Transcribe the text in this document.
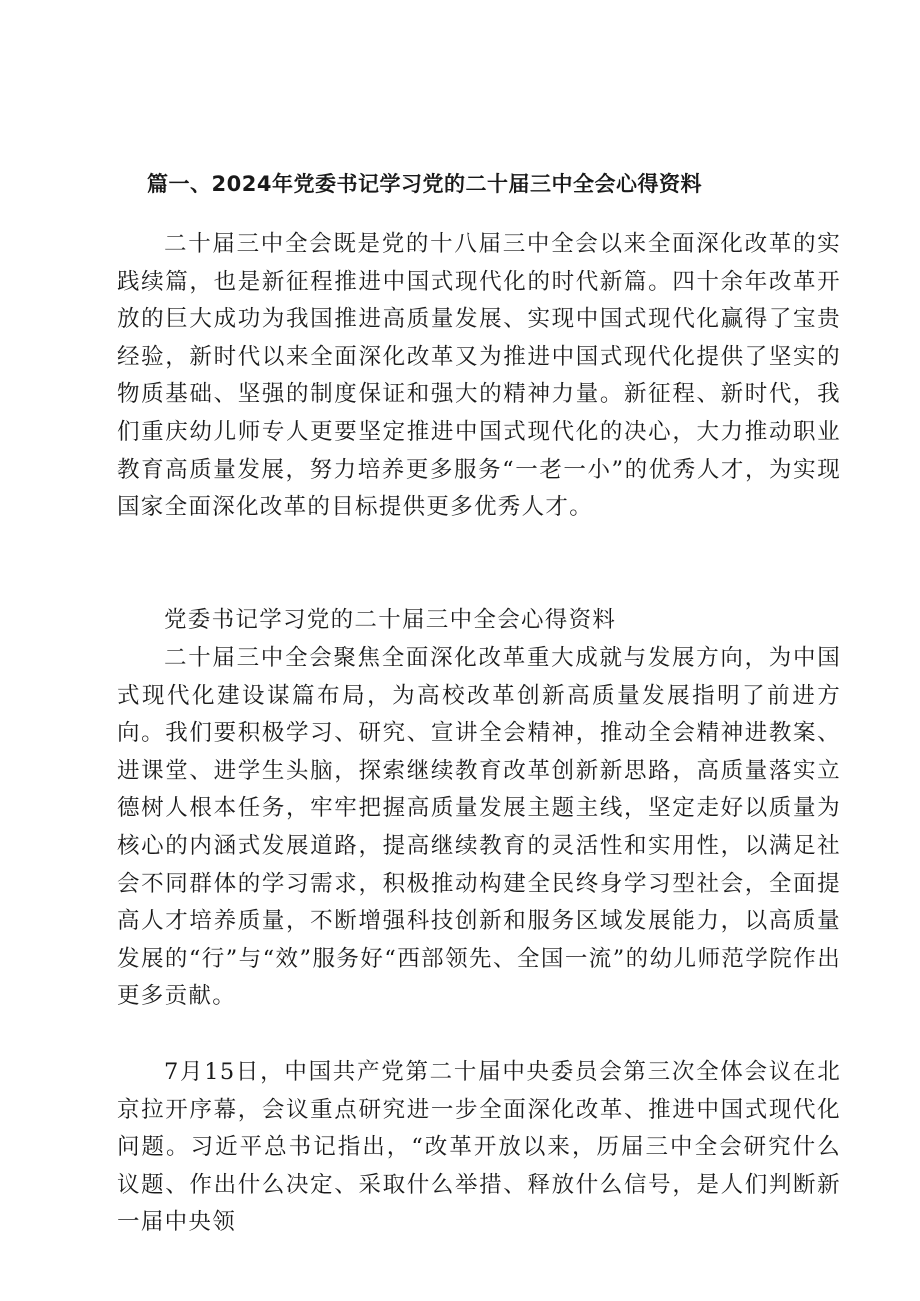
篇一、2024年党委书记学习党的二十届三中全会心得资料

二十届三中全会既是党的十八届三中全会以来全面深化改革的实践续篇，也是新征程推进中国式现代化的时代新篇。四十余年改革开放的巨大成功为我国推进高质量发展、实现中国式现代化赢得了宝贵经验，新时代以来全面深化改革又为推进中国式现代化提供了坚实的物质基础、坚强的制度保证和强大的精神力量。新征程、新时代，我们重庆幼儿师专人更要坚定推进中国式现代化的决心，大力推动职业教育高质量发展，努力培养更多服务“一老一小”的优秀人才，为实现国家全面深化改革的目标提供更多优秀人才。

党委书记学习党的二十届三中全会心得资料

二十届三中全会聚焦全面深化改革重大成就与发展方向，为中国式现代化建设谋篇布局，为高校改革创新高质量发展指明了前进方向。我们要积极学习、研究、宣讲全会精神，推动全会精神进教案、进课堂、进学生头脑，探索继续教育改革创新新思路，高质量落实立德树人根本任务，牢牢把握高质量发展主题主线，坚定走好以质量为核心的内涵式发展道路，提高继续教育的灵活性和实用性，以满足社会不同群体的学习需求，积极推动构建全民终身学习型社会，全面提高人才培养质量，不断增强科技创新和服务区域发展能力，以高质量发展的“行”与“效”服务好“西部领先、全国一流”的幼儿师范学院作出更多贡献。

7月15日，中国共产党第二十届中央委员会第三次全体会议在北京拉开序幕，会议重点研究进一步全面深化改革、推进中国式现代化问题。习近平总书记指出，“改革开放以来，历届三中全会研究什么议题、作出什么决定、采取什么举措、释放什么信号，是人们判断新一届中央领
